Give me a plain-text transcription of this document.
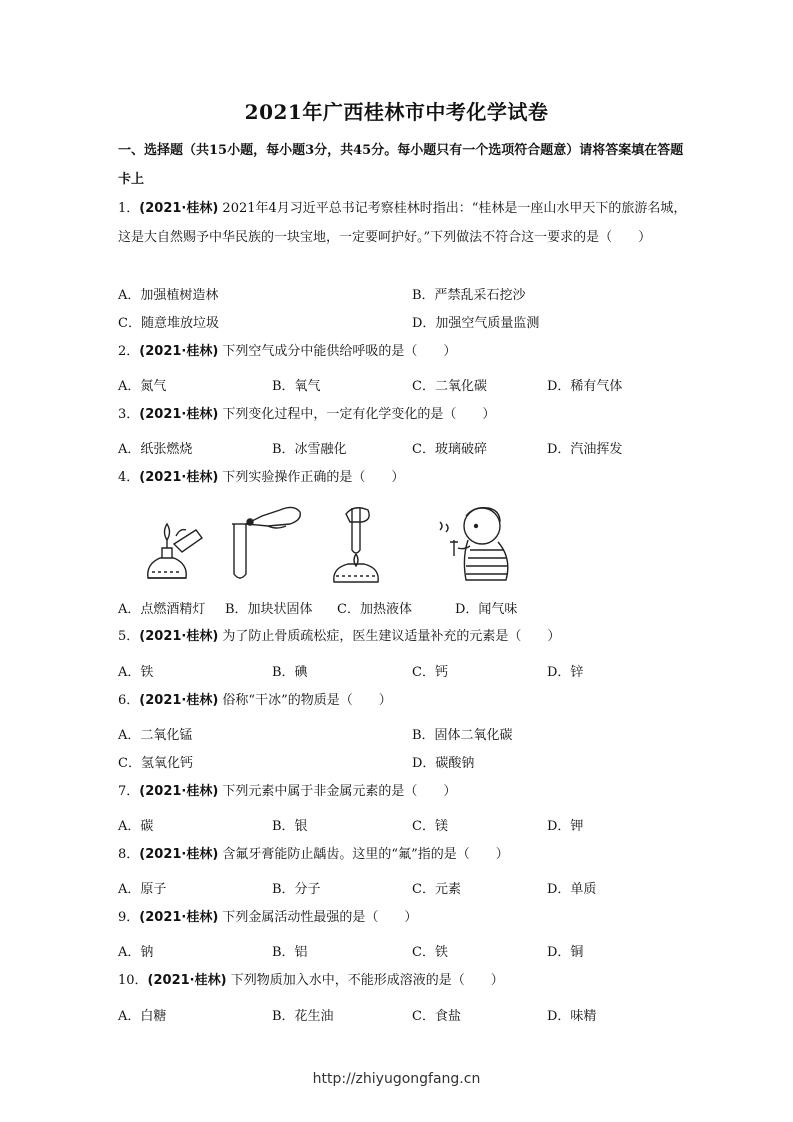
2021年广西桂林市中考化学试卷
一、选择题（共15小题，每小题3分，共45分。每小题只有一个选项符合题意）请将答案填在答题卡上
1．(2021·桂林) 2021年4月习近平总书记考察桂林时指出：“桂林是一座山水甲天下的旅游名城，这是大自然赐予中华民族的一块宝地，一定要呵护好。”下列做法不符合这一要求的是（　　）
A．加强植树造林	B．严禁乱采石挖沙
C．随意堆放垃圾	D．加强空气质量监测
2．(2021·桂林) 下列空气成分中能供给呼吸的是（　　）
A．氮气	B．氧气	C．二氧化碳	D．稀有气体
3．(2021·桂林) 下列变化过程中，一定有化学变化的是（　　）
A．纸张燃烧	B．冰雪融化	C．玻璃破碎	D．汽油挥发
4．(2021·桂林) 下列实验操作正确的是（　　）
A．点燃酒精灯 B．加块状固体 C．加热液体	D．闻气味
5．(2021·桂林) 为了防止骨质疏松症，医生建议适量补充的元素是（　　）
A．铁	B．碘	C．钙	D．锌
6．(2021·桂林) 俗称“干冰”的物质是（　　）
A．二氧化锰	B．固体二氧化碳
C．氢氧化钙	D．碳酸钠
7．(2021·桂林) 下列元素中属于非金属元素的是（　　）
A．碳	B．银	C．镁	D．钾
8．(2021·桂林) 含氟牙膏能防止龋齿。这里的“氟”指的是（　　）
A．原子	B．分子	C．元素	D．单质
9．(2021·桂林) 下列金属活动性最强的是（　　）
A．钠	B．铝	C．铁	D．铜
10．(2021·桂林) 下列物质加入水中，不能形成溶液的是（　　）
A．白糖	B．花生油	C．食盐	D．味精
http://zhiyugongfang.cn
